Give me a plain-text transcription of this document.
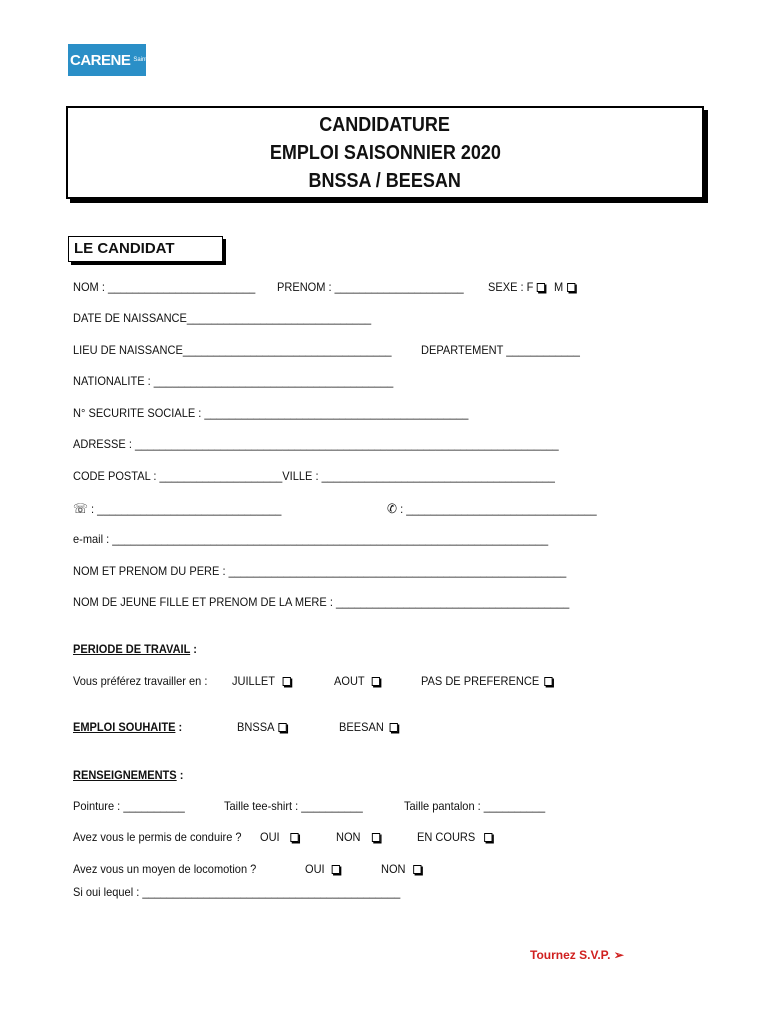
CARENE Saint-Nazaire agglomération
CANDIDATURE
EMPLOI SAISONNIER 2020
BNSSA / BEESAN
LE CANDIDAT
NOM : ________________________ PRENOM : _____________________ SEXE : F M
DATE DE NAISSANCE______________________________
LIEU DE NAISSANCE__________________________________ DEPARTEMENT ____________
NATIONALITE : _______________________________________
N° SECURITE SOCIALE : ___________________________________________
ADRESSE : _____________________________________________________________________
CODE POSTAL : ____________________VILLE : ______________________________________
☏ : ______________________________	✆ : _______________________________
e-mail : _______________________________________________________________________
NOM ET PRENOM DU PERE : _______________________________________________________
NOM DE JEUNE FILLE ET PRENOM DE LA MERE : ______________________________________
PERIODE DE TRAVAIL :
Vous préférez travailler en : JUILLET	AOUT	PAS DE PREFERENCE
EMPLOI SOUHAITE :	BNSSA	BEESAN
RENSEIGNEMENTS :
Pointure : __________	Taille tee-shirt : __________	Taille pantalon : __________
Avez vous le permis de conduire ? OUI	NON	EN COURS
Avez vous un moyen de locomotion ?	OUI	NON
Si oui lequel : __________________________________________
Tournez S.V.P. ➢
